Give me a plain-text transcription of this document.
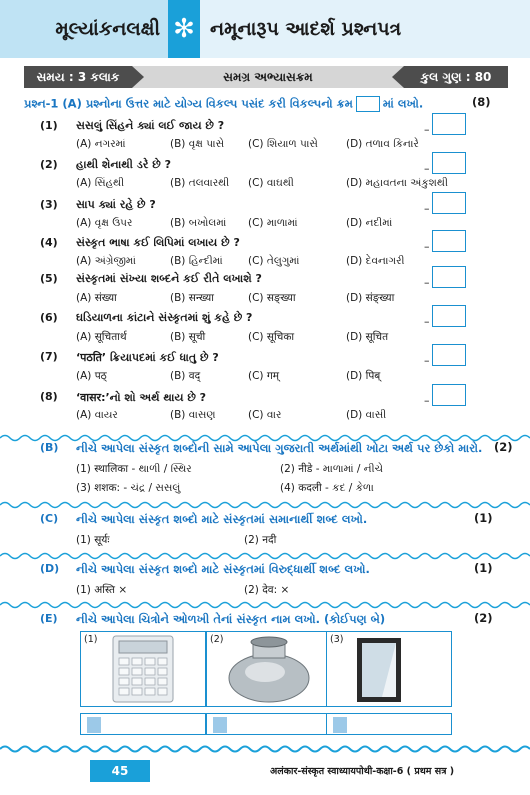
મૂલ્યાંકનલક્ષી ✻ નમૂનારૂપ આદર્શ પ્રશ્નપત્ર
સમય : 3 કલાક	સમગ્ર અભ્યાસક્રમ	કુલ ગુણ : 80
પ્રશ્ન-1 (A) પ્રશ્નોના ઉત્તર માટે યોગ્ય વિકલ્પ પસંદ કરી વિકલ્પનો ક્રમ	માં લખો.	(8)
(1) સસલું સિંહને ક્યાં લઈ જાય છે ?
(A) નગરમાં	(B) વૃક્ષ પાસે (C) શિયાળ પાસે	(D) તળાવ કિનારે
–
(2) હાથી શેનાથી ડરે છે ?
(A) સિંહથી	(B) તલવારથી (C) વાઘથી	(D) મહાવતના અંકુશથી
–
(3) સાપ ક્યાં રહે છે ?
(A) વૃક્ષ ઉપર	(B) બખોલમાં (C) માળામાં	(D) નદીમાં
–
(4) સંસ્કૃત ભાષા કઈ લિપિમાં લખાય છે ?
(A) અંગ્રેજીમાં	(B) હિન્દીમાં (C) તેલુગુમાં	(D) દેવનાગરી
–
(5) સંસ્કૃતમાં સંખ્યા શબ્દને કઈ રીતે લખાશે ?
(A) संख्या	(B) सन्ख्या	(C) सङ्ख्या	(D) संङ्ख्या
–
(6) ઘડિયાળના કાંટાને સંસ્કૃતમાં શું કહે છે ?
(A) सूचितार्थ	(B) सूची	(C) सूचिका	(D) सूचित
–
(7) ‘पठति’ ક્રિયાપદમાં કઈ ધાતુ છે ?
(A) पठ्	(B) वद्	(C) गम्	(D) पिब्
–
(8) ‘वासर:’નો શો અર્થ થાય છે ?
(A) વાયર	(B) વાસણ	(C) વાર	(D) વાસી
–
(B) નીચે આપેલા સંસ્કૃત શબ્દોની સામે આપેલા ગુજરાતી અર્થમાંથી ખોટા અર્થ પર છેકો મારો. (2)
(1) स्थालिका - થાળી / સ્થિર	(2) नीडे - માળામાં / નીચે
(3) शशक: - ચંદ્ર / સસલું	(4) कदली - કદ / કેળા
(C) નીચે આપેલા સંસ્કૃત શબ્દો માટે સંસ્કૃતમાં સમાનાર્થી શબ્દ લખો.	(1)
(1) सूर्यः	(2) नदी
(D) નીચે આપેલા સંસ્કૃત શબ્દો માટે સંસ્કૃતમાં વિરુદ્ધાર્થી શબ્દ લખો.	(1)
(1) अस्ति ×	(2) देव: ×
(E) નીચે આપેલા ચિત્રોને ઓળખી તેનાં સંસ્કૃત નામ લખો. (કોઈપણ બે)	(2)
(1)	(2)	(3)
45	अलंकार-संस्कृत स्वाध्यायपोथी-कक्षा-6 ( प्रथम सत्र )
